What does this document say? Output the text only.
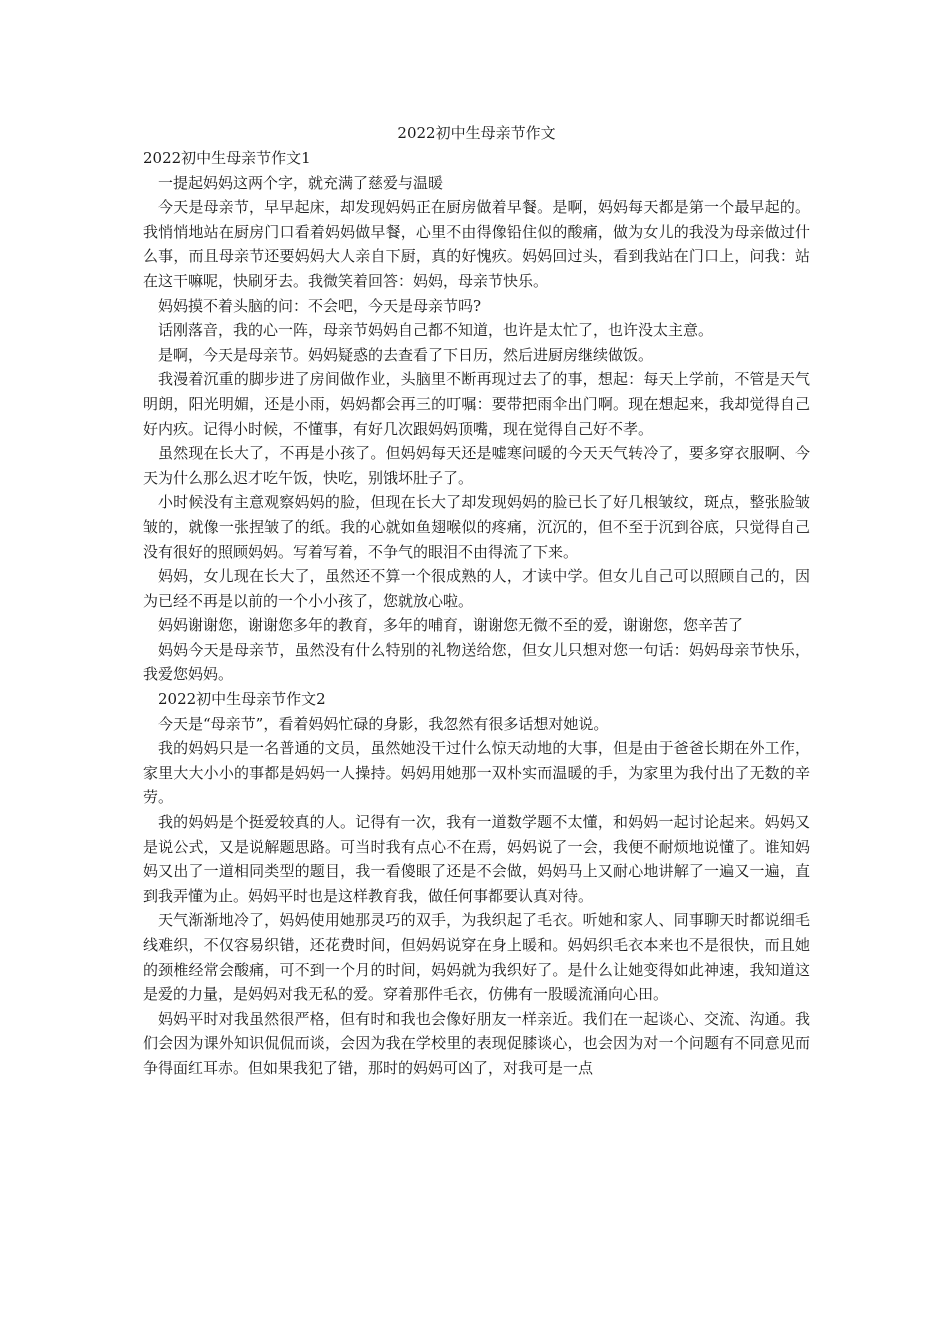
2022初中生母亲节作文

2022初中生母亲节作文1

一提起妈妈这两个字，就充满了慈爱与温暖

今天是母亲节，早早起床，却发现妈妈正在厨房做着早餐。是啊，妈妈每天都是第一个最早起的。我悄悄地站在厨房门口看着妈妈做早餐，心里不由得像铅住似的酸痛，做为女儿的我没为母亲做过什么事，而且母亲节还要妈妈大人亲自下厨，真的好愧疚。妈妈回过头，看到我站在门口上，问我：站在这干嘛呢，快刷牙去。我微笑着回答：妈妈，母亲节快乐。

妈妈摸不着头脑的问：不会吧，今天是母亲节吗?

话刚落音，我的心一阵，母亲节妈妈自己都不知道，也许是太忙了，也许没太主意。

是啊，今天是母亲节。妈妈疑惑的去查看了下日历，然后进厨房继续做饭。

我漫着沉重的脚步进了房间做作业，头脑里不断再现过去了的事，想起：每天上学前，不管是天气明朗，阳光明媚，还是小雨，妈妈都会再三的叮嘱：要带把雨伞出门啊。现在想起来，我却觉得自己好内疚。记得小时候，不懂事，有好几次跟妈妈顶嘴，现在觉得自己好不孝。

虽然现在长大了，不再是小孩了。但妈妈每天还是嘘寒问暖的今天天气转冷了，要多穿衣服啊、今天为什么那么迟才吃午饭，快吃，别饿坏肚子了。

小时候没有主意观察妈妈的脸，但现在长大了却发现妈妈的脸已长了好几根皱纹，斑点，整张脸皱皱的，就像一张捏皱了的纸。我的心就如鱼翅喉似的疼痛，沉沉的，但不至于沉到谷底，只觉得自己没有很好的照顾妈妈。写着写着，不争气的眼泪不由得流了下来。

妈妈，女儿现在长大了，虽然还不算一个很成熟的人，才读中学。但女儿自己可以照顾自己的，因为已经不再是以前的一个小小孩了，您就放心啦。

妈妈谢谢您，谢谢您多年的教育，多年的哺育，谢谢您无微不至的爱，谢谢您，您辛苦了

妈妈今天是母亲节，虽然没有什么特别的礼物送给您，但女儿只想对您一句话：妈妈母亲节快乐，我爱您妈妈。

2022初中生母亲节作文2

今天是“母亲节”，看着妈妈忙碌的身影，我忽然有很多话想对她说。

我的妈妈只是一名普通的文员，虽然她没干过什么惊天动地的大事，但是由于爸爸长期在外工作，家里大大小小的事都是妈妈一人操持。妈妈用她那一双朴实而温暖的手，为家里为我付出了无数的辛劳。

我的妈妈是个挺爱较真的人。记得有一次，我有一道数学题不太懂，和妈妈一起讨论起来。妈妈又是说公式，又是说解题思路。可当时我有点心不在焉，妈妈说了一会，我便不耐烦地说懂了。谁知妈妈又出了一道相同类型的题目，我一看傻眼了还是不会做，妈妈马上又耐心地讲解了一遍又一遍，直到我弄懂为止。妈妈平时也是这样教育我，做任何事都要认真对待。

天气渐渐地冷了，妈妈使用她那灵巧的双手，为我织起了毛衣。听她和家人、同事聊天时都说细毛线难织，不仅容易织错，还花费时间，但妈妈说穿在身上暖和。妈妈织毛衣本来也不是很快，而且她的颈椎经常会酸痛，可不到一个月的时间，妈妈就为我织好了。是什么让她变得如此神速，我知道这是爱的力量，是妈妈对我无私的爱。穿着那件毛衣，仿佛有一股暖流涌向心田。

妈妈平时对我虽然很严格，但有时和我也会像好朋友一样亲近。我们在一起谈心、交流、沟通。我们会因为课外知识侃侃而谈，会因为我在学校里的表现促膝谈心，也会因为对一个问题有不同意见而争得面红耳赤。但如果我犯了错，那时的妈妈可凶了，对我可是一点
